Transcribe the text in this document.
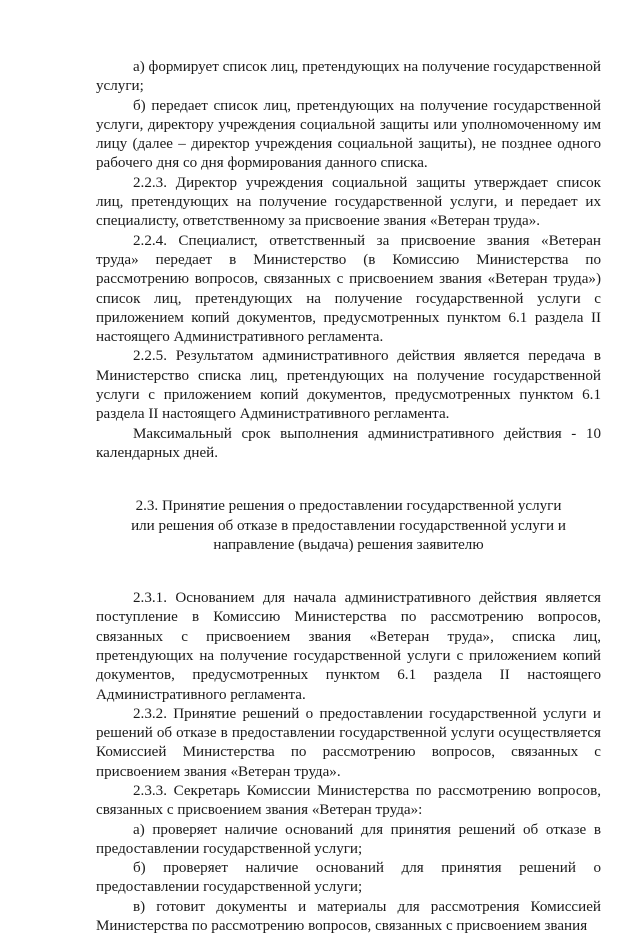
а) формирует список лиц, претендующих на получение государственной услуги;

б) передает список лиц, претендующих на получение государственной услуги, директору учреждения социальной защиты или уполномоченному им лицу (далее – директор учреждения социальной защиты), не позднее одного рабочего дня со дня формирования данного списка.

2.2.3. Директор учреждения социальной защиты утверждает список лиц, претендующих на получение государственной услуги, и передает их специалисту, ответственному за присвоение звания «Ветеран труда».

2.2.4. Специалист, ответственный за присвоение звания «Ветеран труда» передает в Министерство (в Комиссию Министерства по рассмотрению вопросов, связанных с присвоением звания «Ветеран труда») список лиц, претендующих на получение государственной услуги с приложением копий документов, предусмотренных пунктом 6.1 раздела II настоящего Административного регламента.

2.2.5. Результатом административного действия является передача в Министерство списка лиц, претендующих на получение государственной услуги с приложением копий документов, предусмотренных пунктом 6.1 раздела II настоящего Административного регламента.

Максимальный срок выполнения административного действия - 10 календарных дней.

2.3. Принятие решения о предоставлении государственной услуги или решения об отказе в предоставлении государственной услуги и направление (выдача) решения заявителю

2.3.1. Основанием для начала административного действия является поступление в Комиссию Министерства по рассмотрению вопросов, связанных с присвоением звания «Ветеран труда», списка лиц, претендующих на получение государственной услуги с приложением копий документов, предусмотренных пунктом 6.1 раздела II настоящего Административного регламента.

2.3.2. Принятие решений о предоставлении государственной услуги и решений об отказе в предоставлении государственной услуги осуществляется Комиссией Министерства по рассмотрению вопросов, связанных с присвоением звания «Ветеран труда».

2.3.3. Секретарь Комиссии Министерства по рассмотрению вопросов, связанных с присвоением звания «Ветеран труда»:

а) проверяет наличие оснований для принятия решений об отказе в предоставлении государственной услуги;

б) проверяет наличие оснований для принятия решений о предоставлении государственной услуги;

в) готовит документы и материалы для рассмотрения Комиссией Министерства по рассмотрению вопросов, связанных с присвоением звания
